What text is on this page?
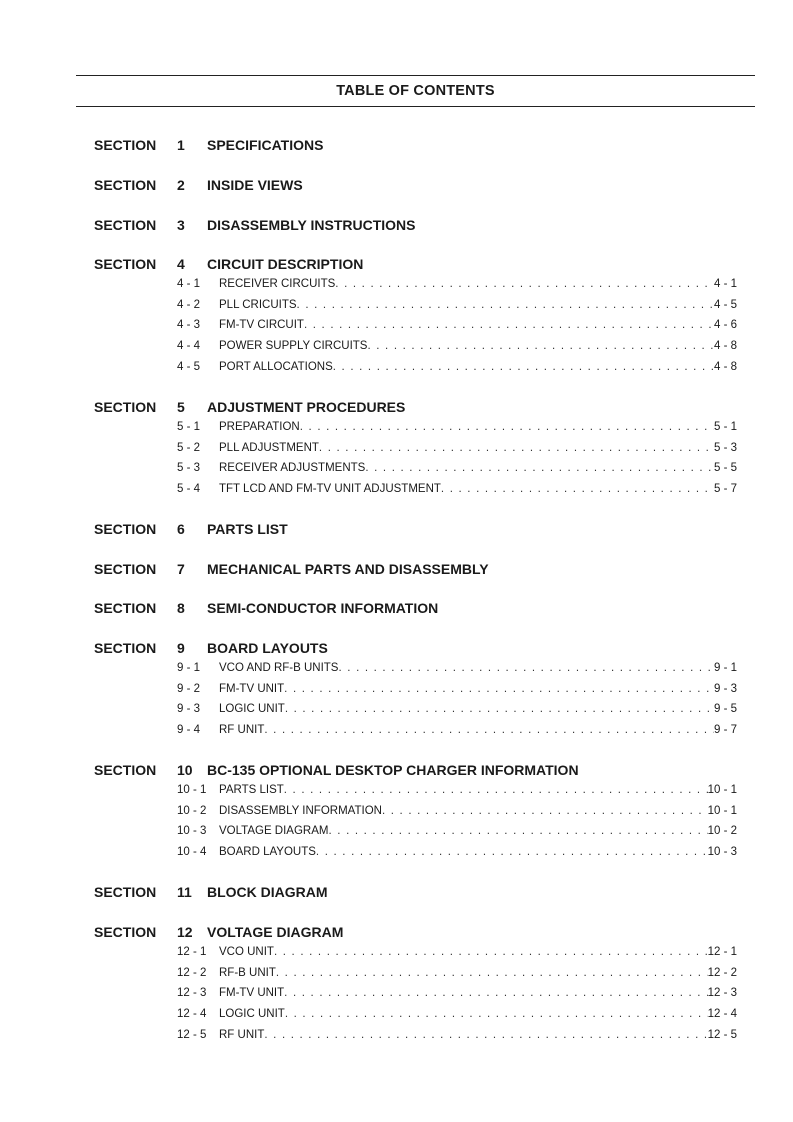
TABLE OF CONTENTS
SECTION 1 SPECIFICATIONS
SECTION 2 INSIDE VIEWS
SECTION 3 DISASSEMBLY INSTRUCTIONS
SECTION 4 CIRCUIT DESCRIPTION
4 - 1 RECEIVER CIRCUITS . . .	4 - 1
4 - 2 PLL CRICUITS . . .	4 - 5
4 - 3 FM-TV CIRCUIT . . .	4 - 6
4 - 4 POWER SUPPLY CIRCUITS . . .	4 - 8
4 - 5 PORT ALLOCATIONS . . .	4 - 8
SECTION 5 ADJUSTMENT PROCEDURES
5 - 1 PREPARATION . . .	5 - 1
5 - 2 PLL ADJUSTMENT . . .	5 - 3
5 - 3 RECEIVER ADJUSTMENTS . . .	5 - 5
5 - 4 TFT LCD AND FM-TV UNIT ADJUSTMENT . . .	5 - 7
SECTION 6 PARTS LIST
SECTION 7 MECHANICAL PARTS AND DISASSEMBLY
SECTION 8 SEMI-CONDUCTOR INFORMATION
SECTION 9 BOARD LAYOUTS
9 - 1 VCO AND RF-B UNITS . . .	9 - 1
9 - 2 FM-TV UNIT . . .	9 - 3
9 - 3 LOGIC UNIT . . .	9 - 5
9 - 4 RF UNIT . . .	9 - 7
SECTION 10 BC-135 OPTIONAL DESKTOP CHARGER INFORMATION
10 - 1 PARTS LIST . . .	10 - 1
10 - 2 DISASSEMBLY INFORMATION . . .	10 - 1
10 - 3 VOLTAGE DIAGRAM . . .	10 - 2
10 - 4 BOARD LAYOUTS . . .	10 - 3
SECTION 11 BLOCK DIAGRAM
SECTION 12 VOLTAGE DIAGRAM
12 - 1 VCO UNIT . . .	12 - 1
12 - 2 RF-B UNIT . . .	12 - 2
12 - 3 FM-TV UNIT . . .	12 - 3
12 - 4 LOGIC UNIT . . .	12 - 4
12 - 5 RF UNIT . . .	12 - 5
